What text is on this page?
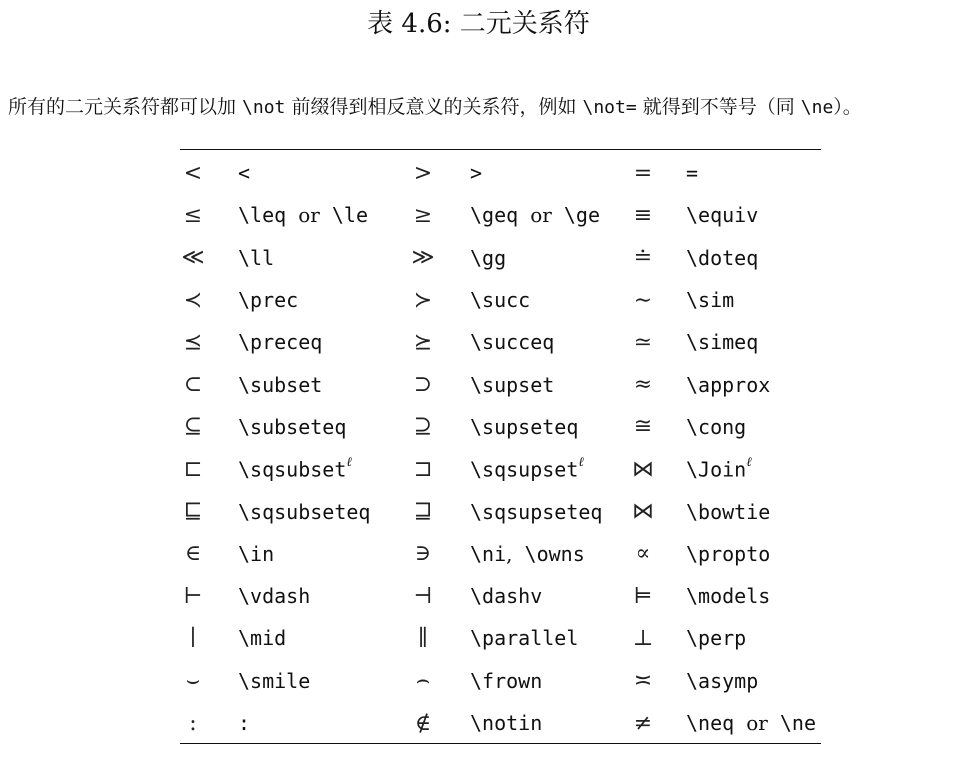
表 4.6: 二元关系符
所有的二元关系符都可以加 \not 前缀得到相反意义的关系符，例如 \not= 就得到不等号（同 \ne）。
<		<	>		>	=		=
≤		\leq or \le	≥		\geq or \ge	≡		\equiv
≪		\ll	≫		\gg	≐		\doteq
≺		\prec	≻		\succ	∼		\sim
⪯		\preceq	⪰		\succeq	≃		\simeq
⊂		\subset	⊃		\supset	≈		\approx
⊆		\subseteq	⊇		\supseteq	≅		\cong
⊏		\sqsubset$^\ell$	⊐		\sqsupset$^\ell$	⋈		\Join$^\ell$
⊑		\sqsubseteq	⊒		\sqsupseteq	⋈		\bowtie
∈		\in	∋		\ni, \owns	∝		\propto
⊢		\vdash	⊣		\dashv	⊨		\models
∣		\mid	∥		\parallel	⊥		\perp
⌣		\smile	⌢		\frown	≍		\asymp
:		:	∉		\notin	≠		\neq or \ne
